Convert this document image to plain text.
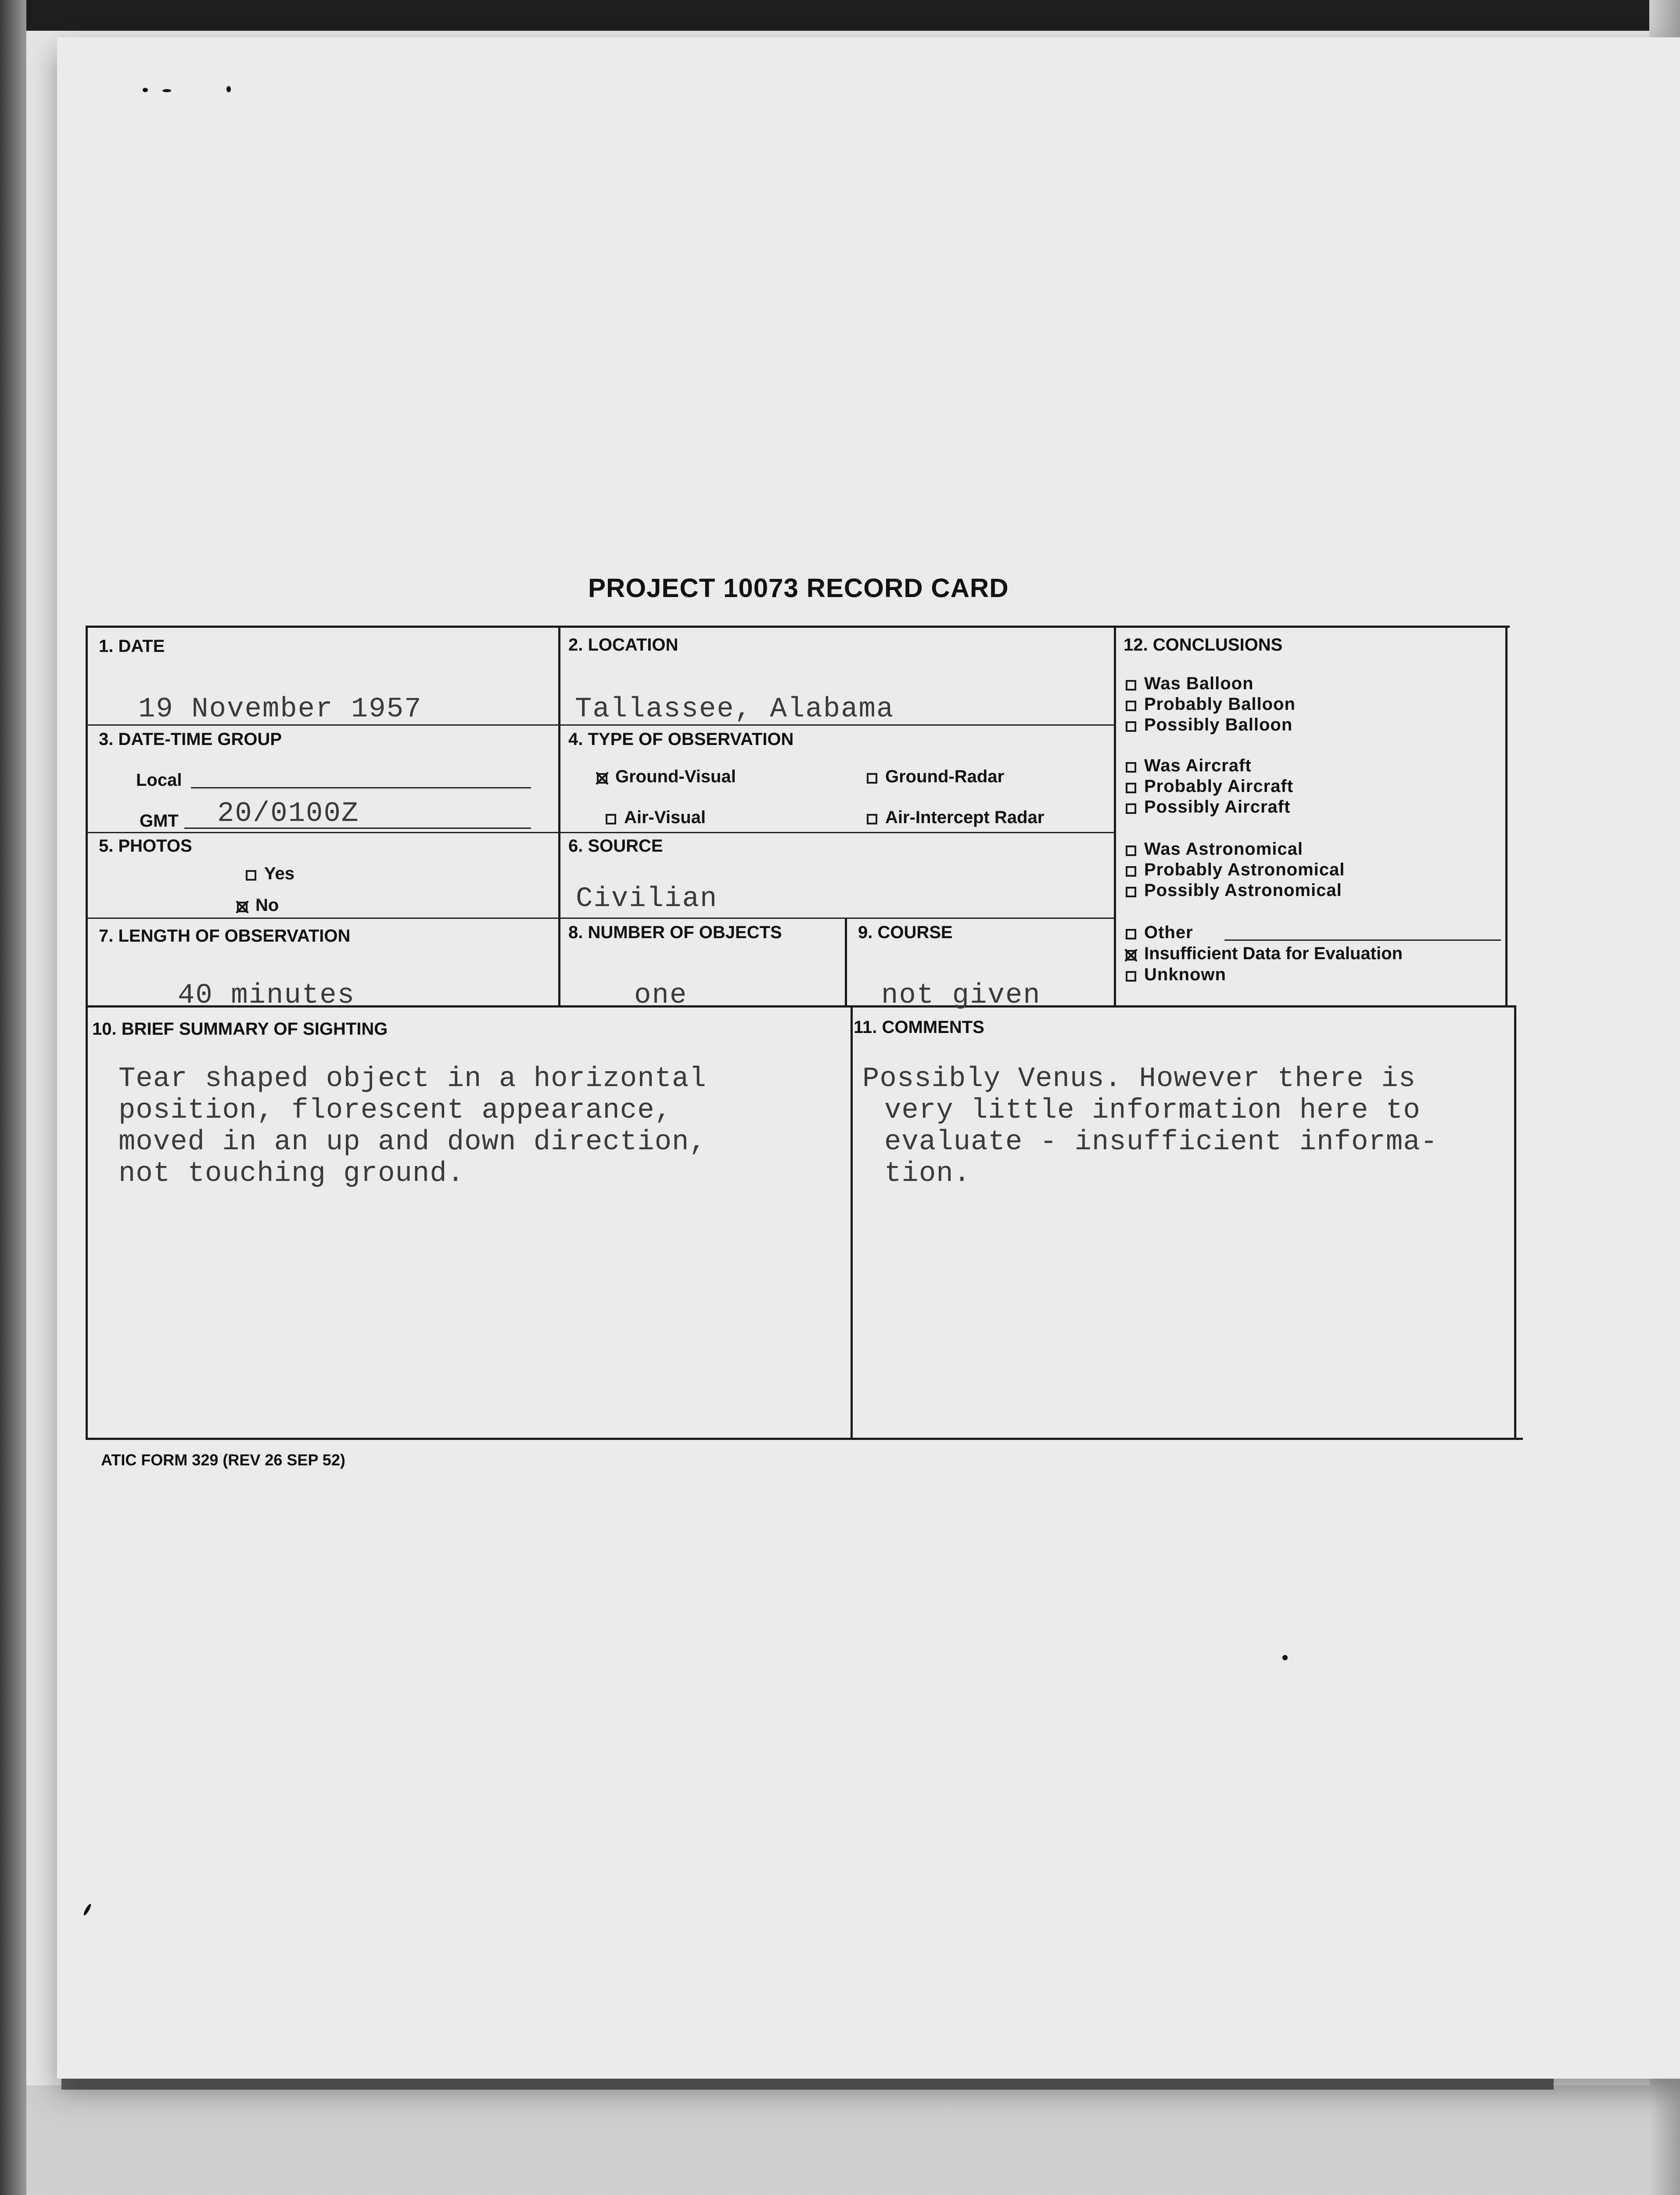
PROJECT 10073 RECORD CARD
1. DATE
19 November 1957
2. LOCATION
Tallassee, Alabama
3. DATE-TIME GROUP
Local
GMT 20/0100Z
4. TYPE OF OBSERVATION
Ground-Visual	Ground-Radar
Air-Visual	Air-Intercept Radar
5. PHOTOS
Yes
No
6. SOURCE
Civilian
7. LENGTH OF OBSERVATION
40 minutes
8. NUMBER OF OBJECTS
one
9. COURSE
not given
10. BRIEF SUMMARY OF SIGHTING
Tear shaped object in a horizontal
position, florescent appearance,
moved in an up and down direction,
not touching ground.
11. COMMENTS
Possibly Venus. However there is
very little information here to
evaluate - insufficient informa-
tion.
12. CONCLUSIONS
Was Balloon
Probably Balloon
Possibly Balloon
Was Aircraft
Probably Aircraft
Possibly Aircraft
Was Astronomical
Probably Astronomical
Possibly Astronomical
Other
Insufficient Data for Evaluation
Unknown
ATIC FORM 329 (REV 26 SEP 52)
